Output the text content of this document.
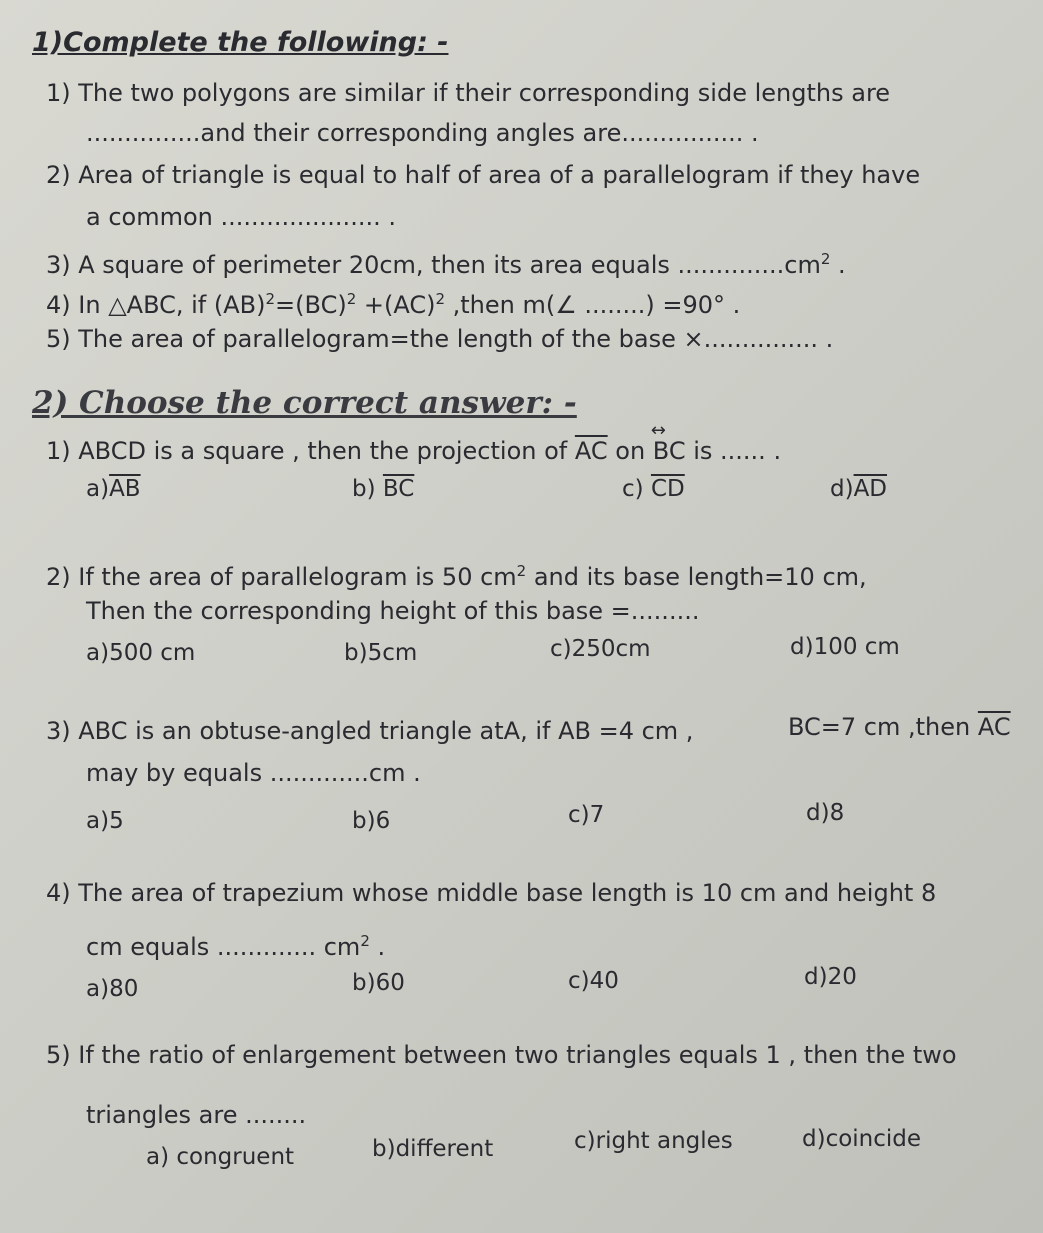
1)Complete the following: -
1) The two polygons are similar if their corresponding side lengths are
...............and their corresponding angles are................ .
2) Area of triangle is equal to half of area of a parallelogram if they have
a common ..................... .
3) A square of perimeter 20cm, then its area equals $..............cm^2$ .
4) In △ABC, if (AB)$^2$=(BC)$^2$ +(AC)$^2$ ,then m(∠ ........) =90° .
5) The area of parallelogram=the length of the base ×............... .
2) Choose the correct answer: -
1) ABCD is a square , then the projection of $\overline{AC}$ on ↔ BC is ...... .
$a)\overline{AB}$	b) $\overline{BC}$	c) $\overline{CD}$	$d)\overline{AD}$
2) If the area of parallelogram is 50 $cm^2$ and its base length=10 cm,
Then the corresponding height of this base =.........
a)500 cm	b)5cm	c)250cm	d)100 cm
3) ABC is an obtuse-angled triangle atA, if AB =4 cm ,	BC=7 cm ,then $\overline{AC}$
may by equals .............cm .
a)5	b)6	c)7	d)8
4) The area of trapezium whose middle base length is 10 cm and height 8
cm equals ............. $cm^2$ .
a)80	b)60	c)40	d)20
5) If the ratio of enlargement between two triangles equals 1 , then the two
triangles are ........
a) congruent	b)different	c)right angles	d)coincide
